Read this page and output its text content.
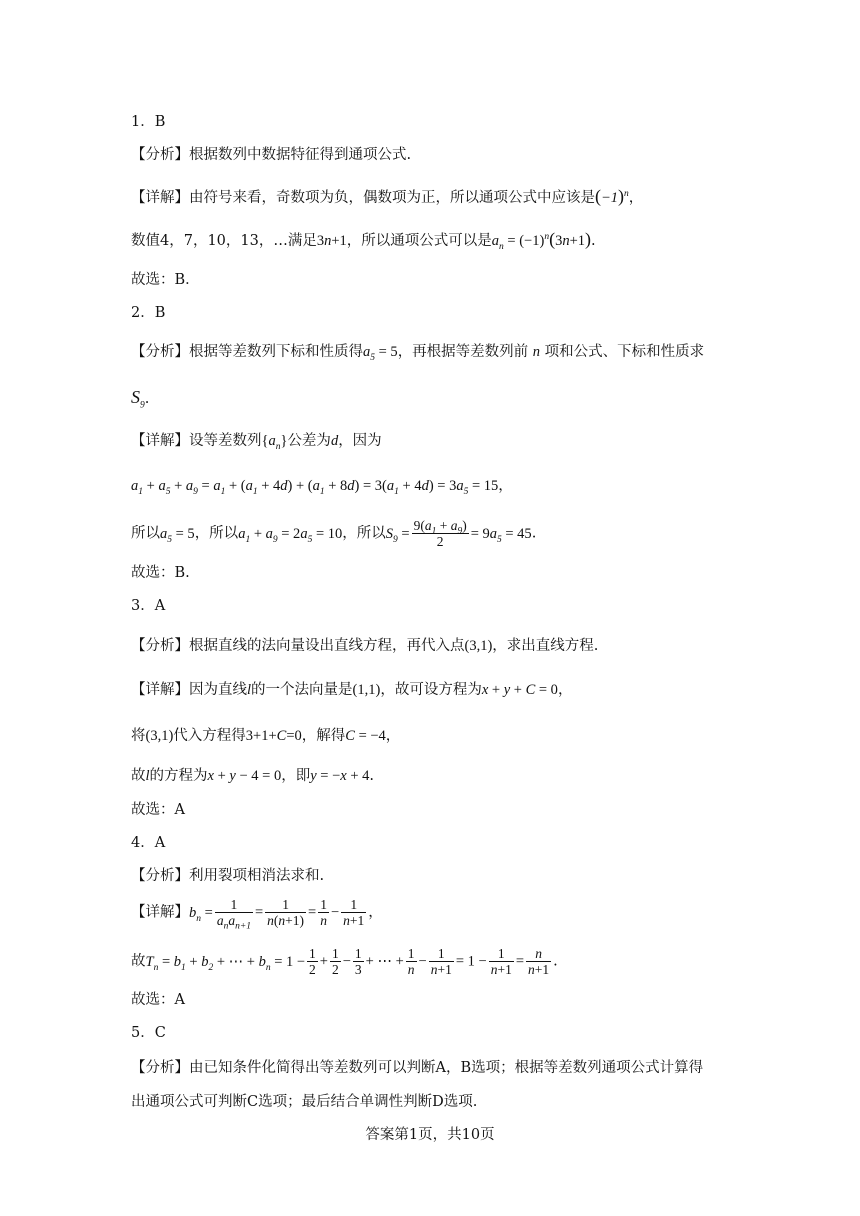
1．B
【分析】根据数列中数据特征得到通项公式.
【详解】由符号来看，奇数项为负，偶数项为正，所以通项公式中应该是$(-1)^n$，
数值4，7，10，13，…满足3n+1，所以通项公式可以是$a_n = (-1)^n(3n+1)$.
故选：B．
2．B
【分析】根据等差数列下标和性质得$a_5 = 5$，再根据等差数列前 n 项和公式、下标和性质求
$S_9$.
【详解】设等差数列$\{a_n\}$公差为d，因为
$a_1 + a_5 + a_9 = a_1 + (a_1 + 4d) + (a_1 + 8d) = 3(a_1 + 4d) = 3a_5 = 15$，
所以$a_5 = 5$，所以$a_1 + a_9 = 2a_5 = 10$，所以$S_9 = \frac{9(a_1 + a_9)}{2} = 9a_5 = 45$.
故选：B.
3．A
【分析】根据直线的法向量设出直线方程，再代入点(3,1)，求出直线方程.
【详解】因为直线l的一个法向量是(1,1)，故可设方程为x + y + C = 0，
将(3,1)代入方程得3+1+C=0，解得C = −4，
故l的方程为x + y − 4 = 0，即y = −x + 4.
故选：A
4．A
【分析】利用裂项相消法求和.
【详解】$b_n = \frac{1}{a_na_{n+1}} = \frac{1}{n(n+1)} = \frac{1}{n} - \frac{1}{n+1}$ ，
故$T_n = b_1 + b_2$ + ⋯ + $b_n = 1 - \frac{1}{2} + \frac{1}{2} - \frac{1}{3}$ + ⋯ + $\frac{1}{n} - \frac{1}{n+1} = 1 - \frac{1}{n+1} = \frac{n}{n+1}$ .
故选：A
5．C
【分析】由已知条件化简得出等差数列可以判断A，B选项；根据等差数列通项公式计算得
出通项公式可判断C选项；最后结合单调性判断D选项.
答案第1页，共10页
